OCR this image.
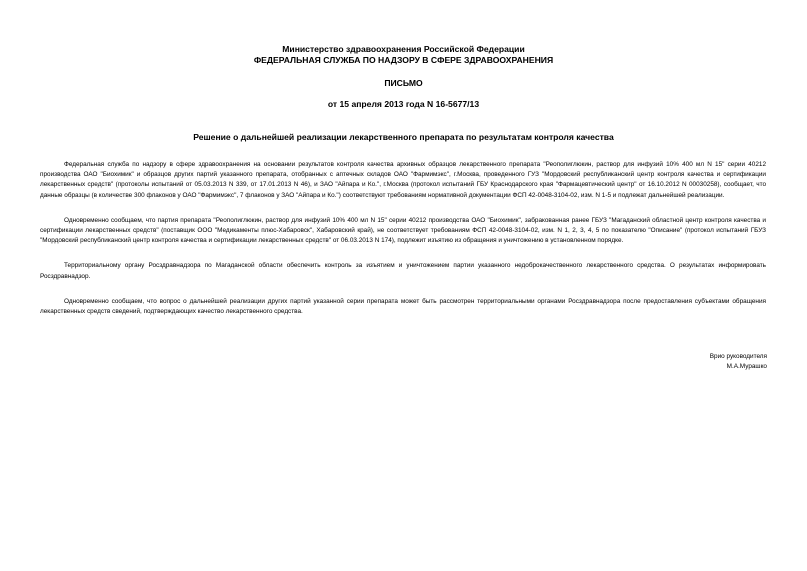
Министерство здравоохранения Российской Федерации
ФЕДЕРАЛЬНАЯ СЛУЖБА ПО НАДЗОРУ В СФЕРЕ ЗДРАВООХРАНЕНИЯ
ПИСЬМО
от 15 апреля 2013 года N 16-5677/13
Решение о дальнейшей реализации лекарственного препарата по результатам контроля качества

Федеральная служба по надзору в сфере здравоохранения на основании результатов контроля качества архивных образцов лекарственного препарата "Реополиглюкин, раствор для инфузий 10% 400 мл N 15" серии 40212 производства ОАО "Биохимик" и образцов других партий указанного препарата, отобранных с аптечных складов ОАО "Фармимэкс", г.Москва, проведенного ГУЗ "Мордовский республиканский центр контроля качества и сертификации лекарственных средств" (протоколы испытаний от 05.03.2013 N 339, от 17.01.2013 N 46), и ЗАО "Айпара и Ко.", г.Москва (протокол испытаний ГБУ Краснодарского края "Фармацевтический центр" от 16.10.2012 N 00030258), сообщает, что данные образцы (в количестве 300 флаконов у ОАО "Фармимэкс", 7 флаконов у ЗАО "Айпара и Ко.") соответствуют требованиям нормативной документации ФСП 42-0048-3104-02, изм. N 1-5 и подлежат дальнейшей реализации.

Одновременно сообщаем, что партия препарата "Реополиглюкин, раствор для инфузий 10% 400 мл N 15" серии 40212 производства ОАО "Биохимик", забракованная ранее ГБУЗ "Магаданский областной центр контроля качества и сертификации лекарственных средств" (поставщик ООО "Медикаменты плюс-Хабаровск", Хабаровский край), не соответствует требованиям ФСП 42-0048-3104-02, изм. N 1, 2, 3, 4, 5 по показателю "Описание" (протокол испытаний ГБУЗ "Мордовский республиканский центр контроля качества и сертификации лекарственных средств" от 06.03.2013 N 174), подлежит изъятию из обращения и уничтожению в установленном порядке.

Территориальному органу Росздравнадзора по Магаданской области обеспечить контроль за изъятием и уничтожением партии указанного недоброкачественного лекарственного средства. О результатах информировать Росздравнадзор.

Одновременно сообщаем, что вопрос о дальнейшей реализации других партий указанной серии препарата может быть рассмотрен территориальными органами Росздравнадзора после предоставления субъектами обращения лекарственных средств сведений, подтверждающих качество лекарственного средства.

Врио руководителя
М.А.Мурашко
